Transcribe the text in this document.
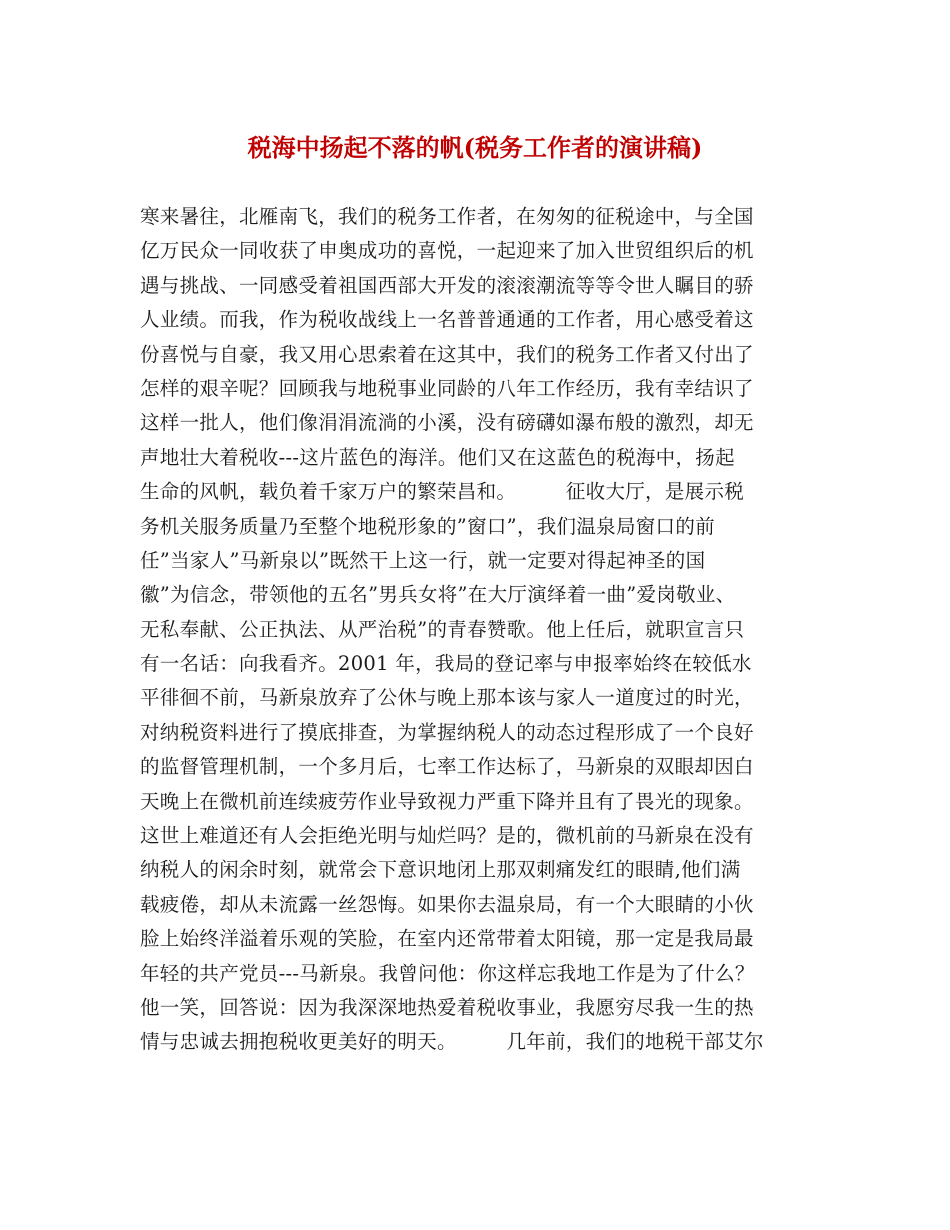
税海中扬起不落的帆(税务工作者的演讲稿)
寒来暑往，北雁南飞，我们的税务工作者，在匆匆的征税途中，与全国
亿万民众一同收获了申奥成功的喜悦，一起迎来了加入世贸组织后的机
遇与挑战、一同感受着祖国西部大开发的滚滚潮流等等令世人瞩目的骄
人业绩。而我，作为税收战线上一名普普通通的工作者，用心感受着这
份喜悦与自豪，我又用心思索着在这其中，我们的税务工作者又付出了
怎样的艰辛呢？回顾我与地税事业同龄的八年工作经历，我有幸结识了
这样一批人，他们像涓涓流淌的小溪，没有磅礴如瀑布般的激烈，却无
声地壮大着税收---这片蓝色的海洋。他们又在这蓝色的税海中，扬起
生命的风帆，载负着千家万户的繁荣昌和。　　　征收大厅，是展示税
务机关服务质量乃至整个地税形象的”窗口”，我们温泉局窗口的前
任”当家人”马新泉以”既然干上这一行，就一定要对得起神圣的国
徽”为信念，带领他的五名”男兵女将”在大厅演绎着一曲”爱岗敬业、
无私奉献、公正执法、从严治税”的青春赞歌。他上任后，就职宣言只
有一名话：向我看齐。2001 年，我局的登记率与申报率始终在较低水
平徘徊不前，马新泉放弃了公休与晚上那本该与家人一道度过的时光，
对纳税资料进行了摸底排查，为掌握纳税人的动态过程形成了一个良好
的监督管理机制，一个多月后，七率工作达标了，马新泉的双眼却因白
天晚上在微机前连续疲劳作业导致视力严重下降并且有了畏光的现象。
这世上难道还有人会拒绝光明与灿烂吗？是的，微机前的马新泉在没有
纳税人的闲余时刻，就常会下意识地闭上那双刺痛发红的眼睛,他们满
载疲倦，却从未流露一丝怨悔。如果你去温泉局，有一个大眼睛的小伙
脸上始终洋溢着乐观的笑脸，在室内还常带着太阳镜，那一定是我局最
年轻的共产党员---马新泉。我曾问他：你这样忘我地工作是为了什么？
他一笑，回答说：因为我深深地热爱着税收事业，我愿穷尽我一生的热
情与忠诚去拥抱税收更美好的明天。　　　几年前，我们的地税干部艾尔
